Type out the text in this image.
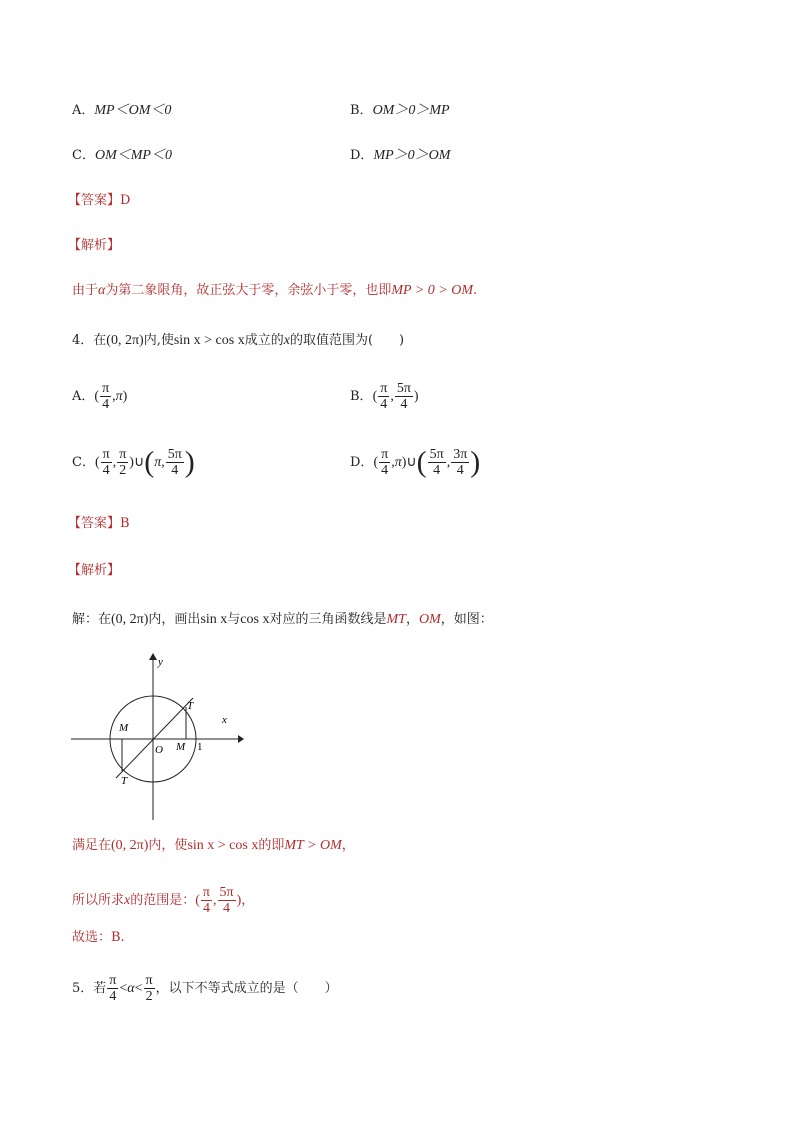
A．MP＜OM＜0	B．OM＞0＞MP
C．OM＜MP＜0	D．MP＞0＞OM
【答案】D
【解析】
由于α为第二象限角，故正弦大于零，余弦小于零，也即MP > 0 > OM.
4．在(0, 2π)内,使sin x > cos x成立的x的取值范围为(　　)
A．( $\frac{\pi}{4} ,\pi$)	B．( $\frac{\pi}{4}$ , $\frac{5\pi}{4}$ )
C．( $\frac{\pi}{4}$ , $\frac{\pi}{2}$ )∪(π, $\frac{5\pi}{4}$ )	D．( $\frac{\pi}{4}$ ,π)∪( $\frac{5\pi}{4}$ , $\frac{3\pi}{4}$ )
【答案】B
【解析】
解：在(0, 2π)内，画出sin x与cos x对应的三角函数线是MT，OM，如图：
y
x
M
O M 1
T
T
满足在(0, 2π)内，使sin x > cos x的即MT > OM，
所以所求x的范围是：( $\frac{\pi}{4}$ , $\frac{5\pi}{4}$ )，
故选：B.
5．若 $\frac{\pi}{4} <\alpha< \frac{\pi}{2}$ ，以下不等式成立的是（　　）
